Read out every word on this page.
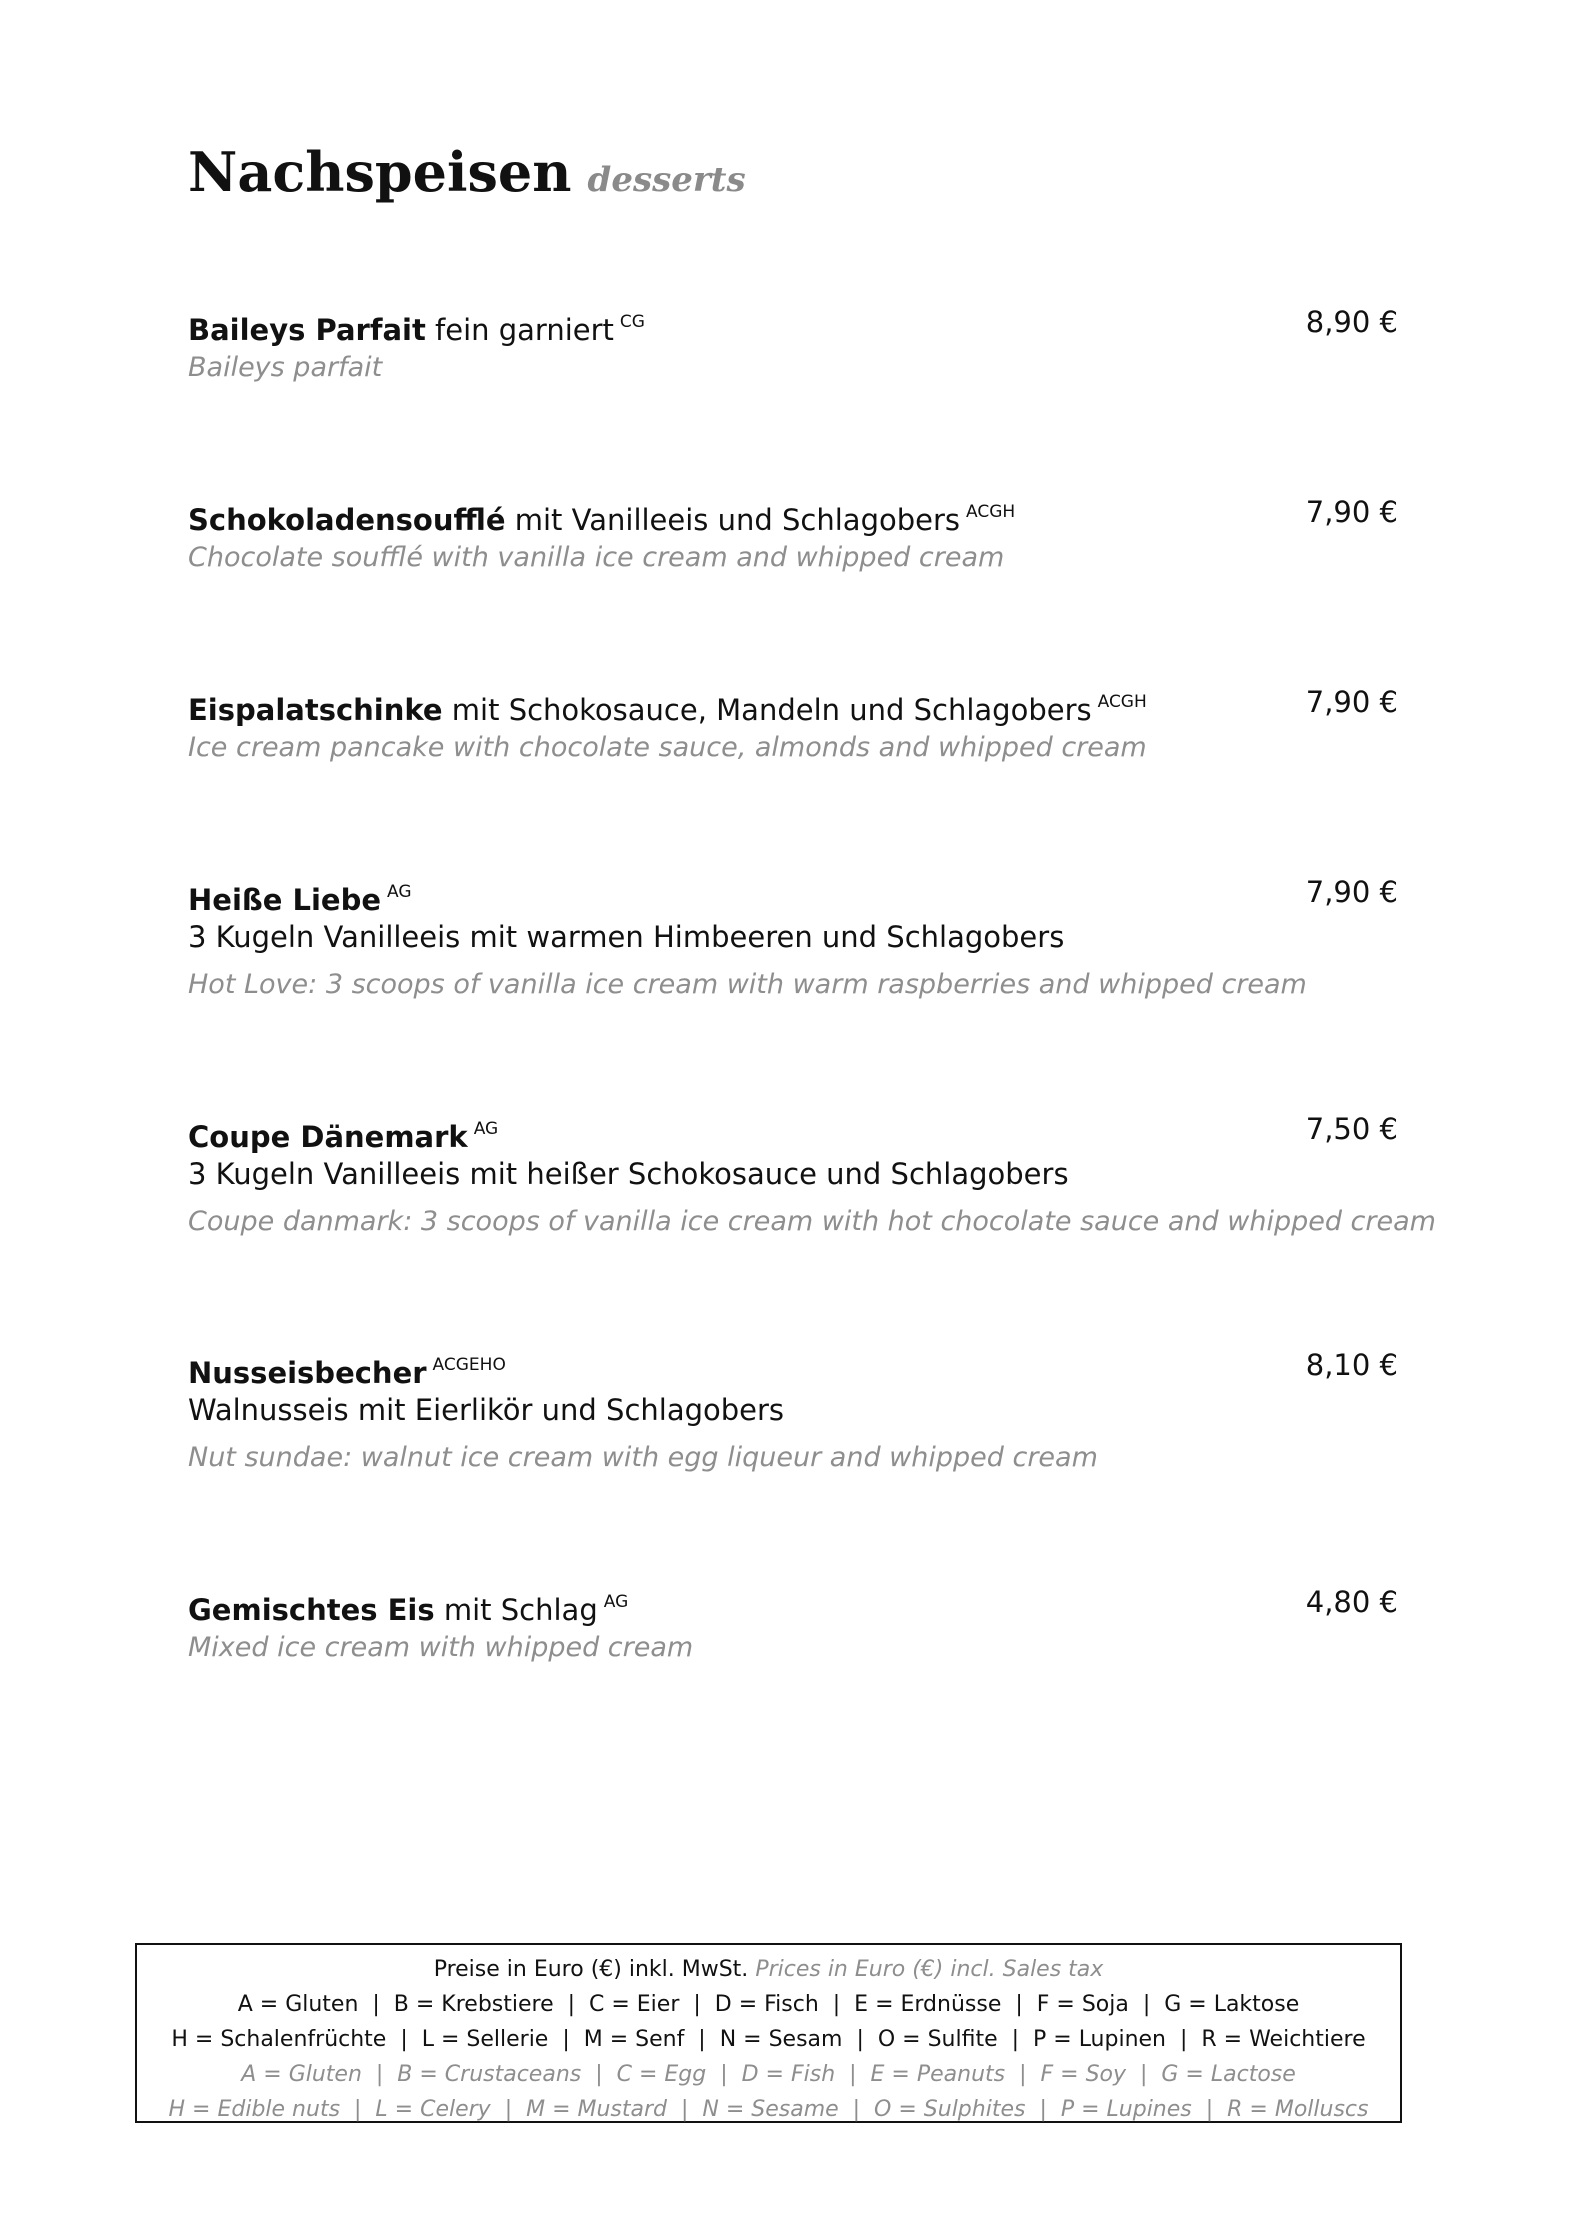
Nachspeisen desserts
Baileys Parfait fein garniert $^{CG}$	8,90 €
Baileys parfait
Schokoladensoufflé mit Vanilleeis und Schlagobers $^{ACGH}$	7,90 €
Chocolate soufflé with vanilla ice cream and whipped cream
Eispalatschinke mit Schokosauce, Mandeln und Schlagobers $^{ACGH}$	7,90 €
Ice cream pancake with chocolate sauce, almonds and whipped cream
Heiße Liebe $^{AG}$	7,90 €
3 Kugeln Vanilleeis mit warmen Himbeeren und Schlagobers
Hot Love: 3 scoops of vanilla ice cream with warm raspberries and whipped cream
Coupe Dänemark $^{AG}$	7,50 €
3 Kugeln Vanilleeis mit heißer Schokosauce und Schlagobers
Coupe danmark: 3 scoops of vanilla ice cream with hot chocolate sauce and whipped cream
Nusseisbecher $^{ACGEHO}$	8,10 €
Walnusseis mit Eierlikör und Schlagobers
Nut sundae: walnut ice cream with egg liqueur and whipped cream
Gemischtes Eis mit Schlag $^{AG}$	4,80 €
Mixed ice cream with whipped cream
Preise in Euro (€) inkl. MwSt. Prices in Euro (€) incl. Sales tax
A = Gluten  |  B = Krebstiere  |  C = Eier  |  D = Fisch  |  E = Erdnüsse  |  F = Soja  |  G = Laktose
H = Schalenfrüchte  |  L = Sellerie  |  M = Senf  |  N = Sesam  |  O = Sulfite  |  P = Lupinen  |  R = Weichtiere
A = Gluten  |  B = Crustaceans  |  C = Egg  |  D = Fish  |  E = Peanuts  |  F = Soy  |  G = Lactose
H = Edible nuts  |  L = Celery  |  M = Mustard  |  N = Sesame  |  O = Sulphites  |  P = Lupines  |  R = Molluscs
